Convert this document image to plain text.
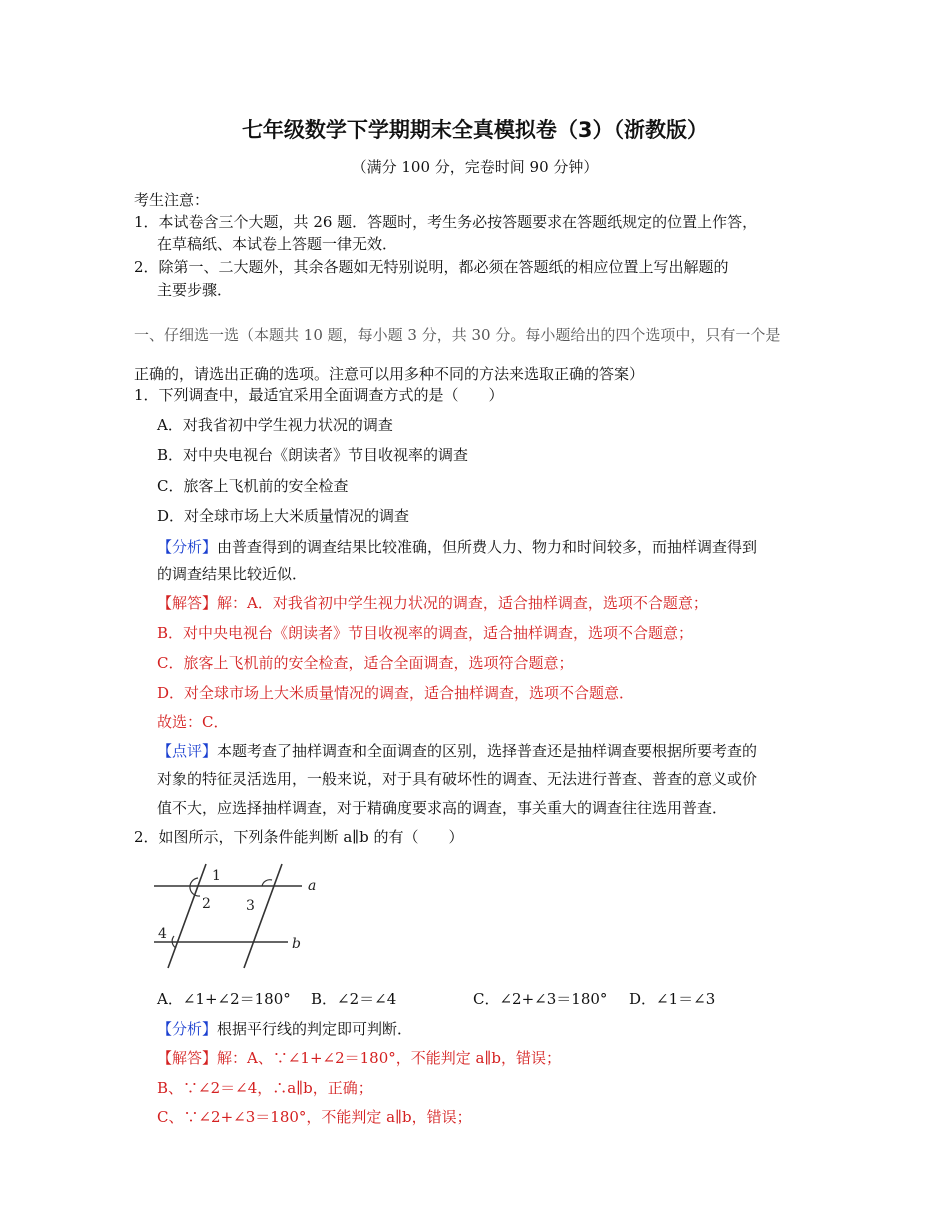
七年级数学下学期期末全真模拟卷（3）（浙教版）
（满分 100 分，完卷时间 90 分钟）
考生注意：
1．本试卷含三个大题，共 26 题．答题时，考生务必按答题要求在答题纸规定的位置上作答，
在草稿纸、本试卷上答题一律无效．
2．除第一、二大题外，其余各题如无特别说明，都必须在答题纸的相应位置上写出解题的
主要步骤．
一、仔细选一选（本题共 10 题，每小题 3 分，共 30 分。每小题给出的四个选项中，只有一个是
正确的，请选出正确的选项。注意可以用多种不同的方法来选取正确的答案）
1．下列调查中，最适宜采用全面调查方式的是（　　）
A．对我省初中学生视力状况的调查
B．对中央电视台《朗读者》节目收视率的调查
C．旅客上飞机前的安全检查
D．对全球市场上大米质量情况的调查
【分析】由普查得到的调查结果比较准确，但所费人力、物力和时间较多，而抽样调查得到
的调查结果比较近似．
【解答】解：A．对我省初中学生视力状况的调查，适合抽样调查，选项不合题意；
B．对中央电视台《朗读者》节目收视率的调查，适合抽样调查，选项不合题意；
C．旅客上飞机前的安全检查，适合全面调查，选项符合题意；
D．对全球市场上大米质量情况的调查，适合抽样调查，选项不合题意．
故选：C．
【点评】本题考查了抽样调查和全面调查的区别，选择普查还是抽样调查要根据所要考查的
对象的特征灵活选用，一般来说，对于具有破坏性的调查、无法进行普查、普查的意义或价
值不大，应选择抽样调查，对于精确度要求高的调查，事关重大的调查往往选用普查．
2．如图所示，下列条件能判断 a∥b 的有（　　）
1
2	3
4
a
b
A．∠1+∠2＝180° B．∠2＝∠4	C．∠2+∠3＝180° D．∠1＝∠3
【分析】根据平行线的判定即可判断．
【解答】解：A、∵∠1+∠2＝180°，不能判定 a∥b，错误；
B、∵∠2＝∠4，∴a∥b，正确；
C、∵∠2+∠3＝180°，不能判定 a∥b，错误；
